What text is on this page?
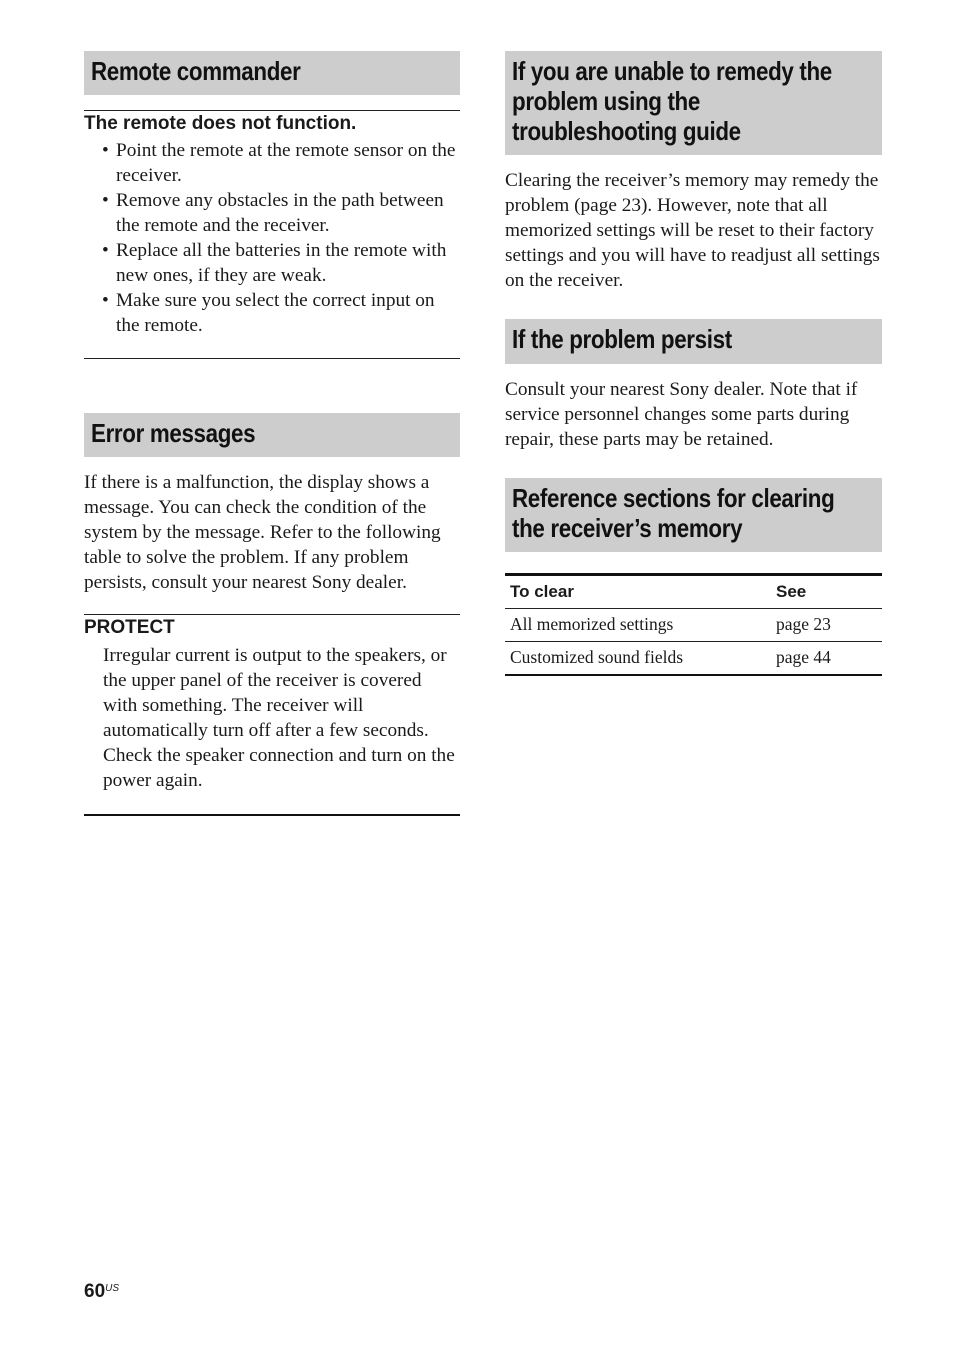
Remote commander

The remote does not function.

• Point the remote at the remote sensor on the receiver.
• Remove any obstacles in the path between the remote and the receiver.
• Replace all the batteries in the remote with new ones, if they are weak.
• Make sure you select the correct input on the remote.
Error messages

If there is a malfunction, the display shows a message. You can check the condition of the system by the message. Refer to the following table to solve the problem. If any problem persists, consult your nearest Sony dealer.

PROTECT

Irregular current is output to the speakers, or the upper panel of the receiver is covered with something. The receiver will automatically turn off after a few seconds. Check the speaker connection and turn on the power again.

If you are unable to remedy the
problem using the
troubleshooting guide

Clearing the receiver’s memory may remedy the problem (page 23). However, note that all memorized settings will be reset to their factory settings and you will have to readjust all settings on the receiver.

If the problem persist

Consult your nearest Sony dealer. Note that if service personnel changes some parts during repair, these parts may be retained.

Reference sections for clearing
the receiver’s memory
To clear	See
All memorized settings	page 23
Customized sound fields	page 44
$60^{US}$
